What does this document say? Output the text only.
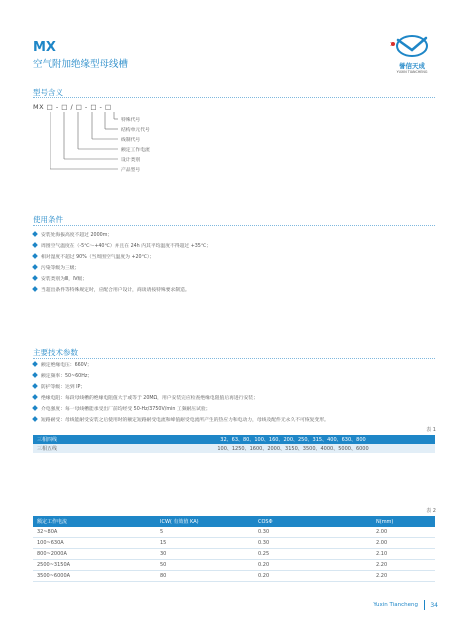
MX
空气附加绝缘型母线槽	誉信天成
YUXIN TIANCHENG
型号含义
MX □ - □ / □ - □ - □
特殊代号
结构单元代号
线制代号
额定工作电流
设计类别
产品型号
使用条件
安装处海拔高度不超过 2000m；
周围空气温度在（-5℃～+40℃）并且在 24h 内其平均温度不得超过 +35℃；
相对湿度不超过 90%（当周围空气温度为 +20℃）；
污染等级为三级；
安装类别为Ⅲ，Ⅳ级；
当超出条件等特殊规定时，应配合用户设计，商谈请按特殊要求制造。
主要技术参数
额定绝缘电压：660V；
额定频率：50~60Hz；
防护等级：达到 IP；
绝缘电阻：每段母线槽的绝缘电阻值大于或等于 20MΩ，用户安装完应检查绝缘电阻值后再进行安装；
介电强度：每一母线槽能承受出厂前均经受 50-Hz/3750V/min 工频耐压试验；
短路耐受：母线能耐受安装之后使用时的额定短路耐受电流和峰值耐受电流所产生的热应力和电动力，母线及配件无永久不可恢复变形。
表 1
三相四线	32、63、80、100、160、200、250、315、400、630、800
三相五线	100、1250、1600、2000、3150、3500、4000、5000、6000
表 2
额定工作电流	ICW( 有效值 KA)	COSΦ	N(mm)
32~80A	5	0.30	2.00
100~630A	15	0.30	2.00
800~2000A	30	0.25	2.10
2500~3150A	50	0.20	2.20
3500~6000A	80	0.20	2.20
Yuxin Tiancheng 34
